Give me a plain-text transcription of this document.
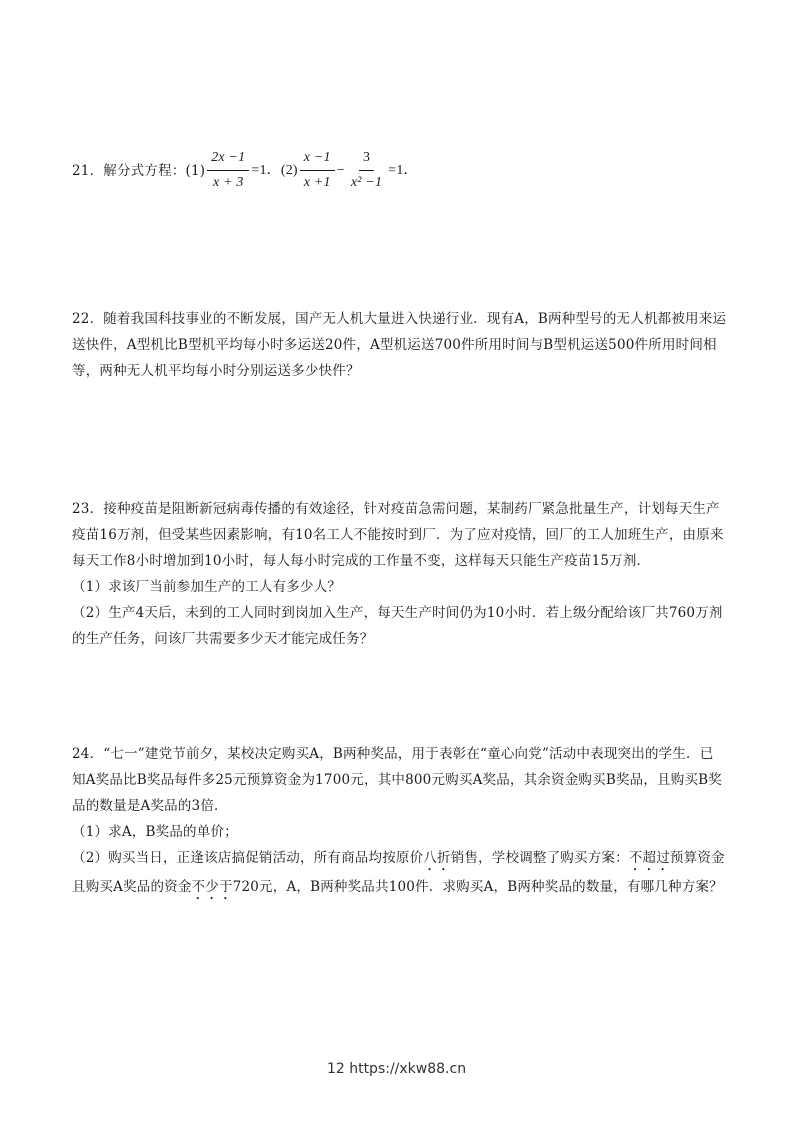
21．解分式方程：$(1) \frac{2x -1}{x + 3} =1$．$(2) \frac{x -1}{x +1} - \frac{3}{\text{x² −1}} =1$．

22．随着我国科技事业的不断发展，国产无人机大量进入快递行业．现有A，B两种型号的无人机都被用来运送快件，A型机比B型机平均每小时多运送20件，A型机运送700件所用时间与B型机运送500件所用时间相等，两种无人机平均每小时分别运送多少快件？

23．接种疫苗是阻断新冠病毒传播的有效途径，针对疫苗急需问题，某制药厂紧急批量生产，计划每天生产疫苗16万剂，但受某些因素影响，有10名工人不能按时到厂．为了应对疫情，回厂的工人加班生产，由原来每天工作8小时增加到10小时，每人每小时完成的工作量不变，这样每天只能生产疫苗15万剂．

（1）求该厂当前参加生产的工人有多少人？

（2）生产4天后，未到的工人同时到岗加入生产，每天生产时间仍为10小时．若上级分配给该厂共760万剂的生产任务，问该厂共需要多少天才能完成任务？

24．“七一”建党节前夕，某校决定购买A，B两种奖品，用于表彰在“童心向党”活动中表现突出的学生．已知A奖品比B奖品每件多25元预算资金为1700元，其中800元购买A奖品，其余资金购买B奖品，且购买B奖品的数量是A奖品的3倍．

（1）求A，B奖品的单价；

（2）购买当日，正逢该店搞促销活动，所有商品均按原价八折销售，学校调整了购买方案：不超过预算资金且购买A奖品的资金不少于720元，A，B两种奖品共100件．求购买A，B两种奖品的数量，有哪几种方案？

12 https://xkw88.cn
